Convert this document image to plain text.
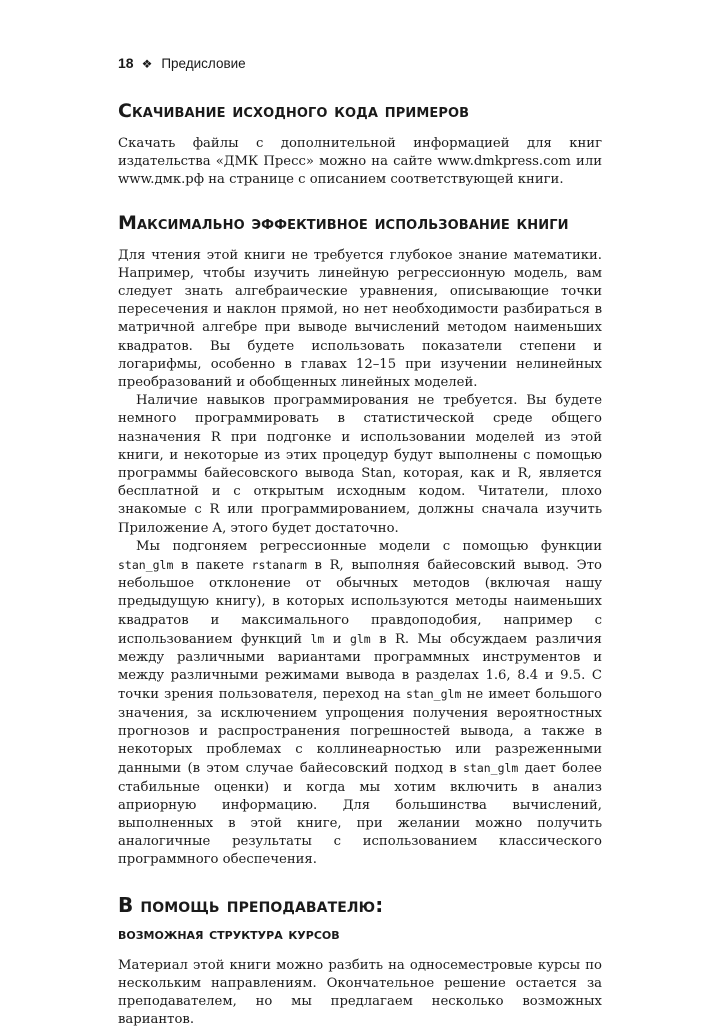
18 ❖ Предисловие
Скачивание исходного кода примеров

Скачать файлы с дополнительной информацией для книг издательства «ДМК Пресс» можно на сайте www.dmkpress.com или www.дмк.рф на странице с описанием соответствующей книги.

Максимально эффективное использование книги

Для чтения этой книги не требуется глубокое знание математики. Например, чтобы изучить линейную регрессионную модель, вам следует знать алгебраические уравнения, описывающие точки пересечения и наклон прямой, но нет необходимости разбираться в матричной алгебре при выводе вычислений методом наименьших квадратов. Вы будете использовать показатели степени и логарифмы, особенно в главах 12–15 при изучении нелинейных преобразований и обобщенных линейных моделей.

Наличие навыков программирования не требуется. Вы будете немного программировать в статистической среде общего назначения R при подгонке и использовании моделей из этой книги, и некоторые из этих процедур будут выполнены с помощью программы байесовского вывода Stan, которая, как и R, является бесплатной и с открытым исходным кодом. Читатели, плохо знакомые с R или программированием, должны сначала изучить Приложение A, этого будет достаточно.

Мы подгоняем регрессионные модели с помощью функции stan_glm в пакете rstanarm в R, выполняя байесовский вывод. Это небольшое отклонение от обычных методов (включая нашу предыдущую книгу), в которых используются методы наименьших квадратов и максимального правдоподобия, например с использованием функций lm и glm в R. Мы обсуждаем различия между различными вариантами программных инструментов и между различными режимами вывода в разделах 1.6, 8.4 и 9.5. С точки зрения пользователя, переход на stan_glm не имеет большого значения, за исключением упрощения получения вероятностных прогнозов и распространения погрешностей вывода, а также в некоторых проблемах с коллинеарностью или разреженными данными (в этом случае байесовский подход в stan_glm дает более стабильные оценки) и когда мы хотим включить в анализ априорную информацию. Для большинства вычислений, выполненных в этой книге, при желании можно получить аналогичные результаты с использованием классического программного обеспечения.

В помощь преподавателю:
возможная структура курсов

Материал этой книги можно разбить на односеместровые курсы по нескольким направлениям. Окончательное решение остается за преподавателем, но мы предлагаем несколько возможных вариантов.
